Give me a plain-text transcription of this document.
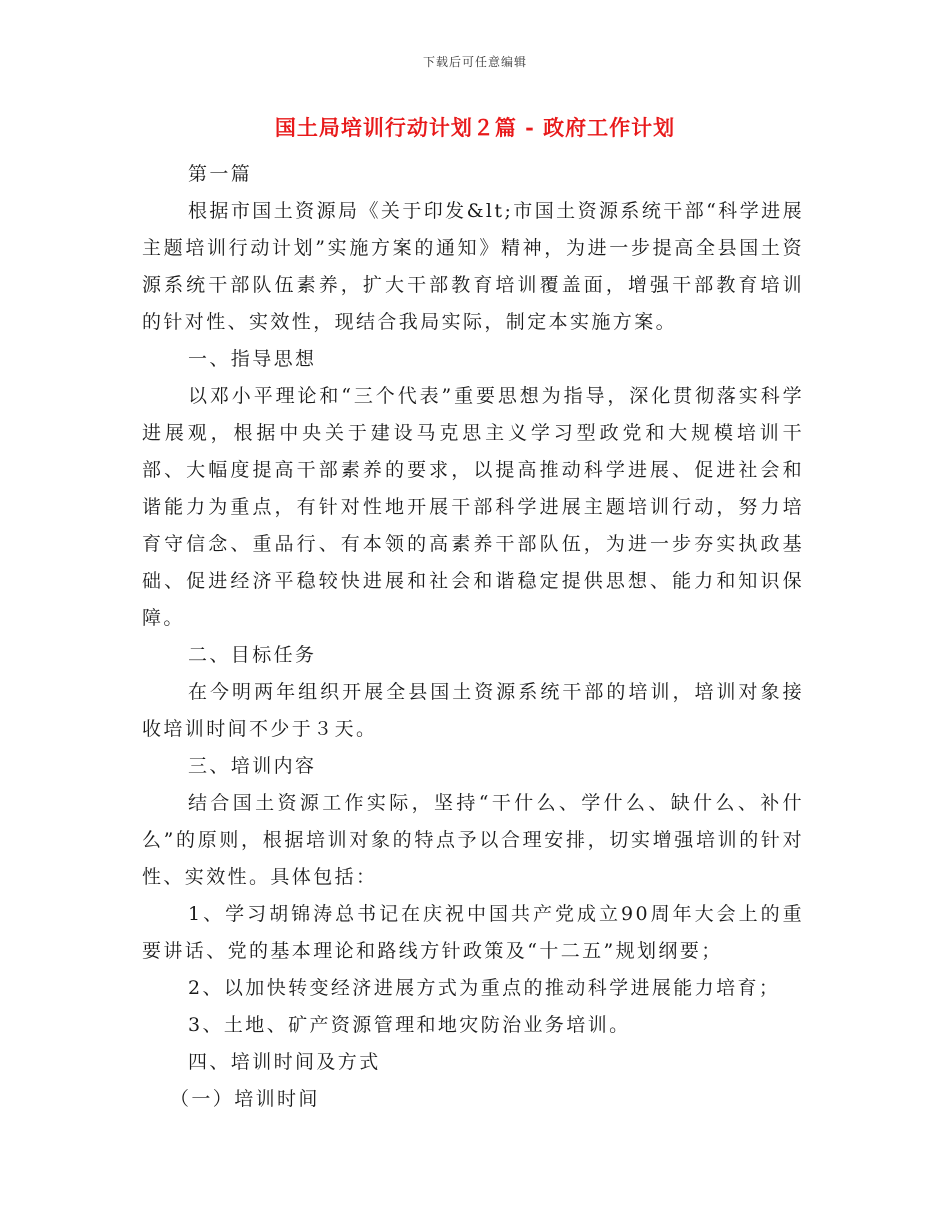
下载后可任意编辑
国土局培训行动计划２篇 - 政府工作计划

第一篇

根据市国土资源局《关于印发&lt;市国土资源系统干部“科学进展主题培训行动计划”实施方案的通知》精神，为进一步提高全县国土资源系统干部队伍素养，扩大干部教育培训覆盖面，增强干部教育培训的针对性、实效性，现结合我局实际，制定本实施方案。

一、指导思想

以邓小平理论和“三个代表”重要思想为指导，深化贯彻落实科学进展观，根据中央关于建设马克思主义学习型政党和大规模培训干部、大幅度提高干部素养的要求，以提高推动科学进展、促进社会和谐能力为重点，有针对性地开展干部科学进展主题培训行动，努力培育守信念、重品行、有本领的高素养干部队伍，为进一步夯实执政基础、促进经济平稳较快进展和社会和谐稳定提供思想、能力和知识保障。

二、目标任务

在今明两年组织开展全县国土资源系统干部的培训，培训对象接收培训时间不少于３天。

三、培训内容

结合国土资源工作实际，坚持“干什么、学什么、缺什么、补什么”的原则，根据培训对象的特点予以合理安排，切实增强培训的针对性、实效性。具体包括：

1、学习胡锦涛总书记在庆祝中国共产党成立90周年大会上的重要讲话、党的基本理论和路线方针政策及“十二五”规划纲要；

2、以加快转变经济进展方式为重点的推动科学进展能力培育；

3、土地、矿产资源管理和地灾防治业务培训。

四、培训时间及方式

（一）培训时间
